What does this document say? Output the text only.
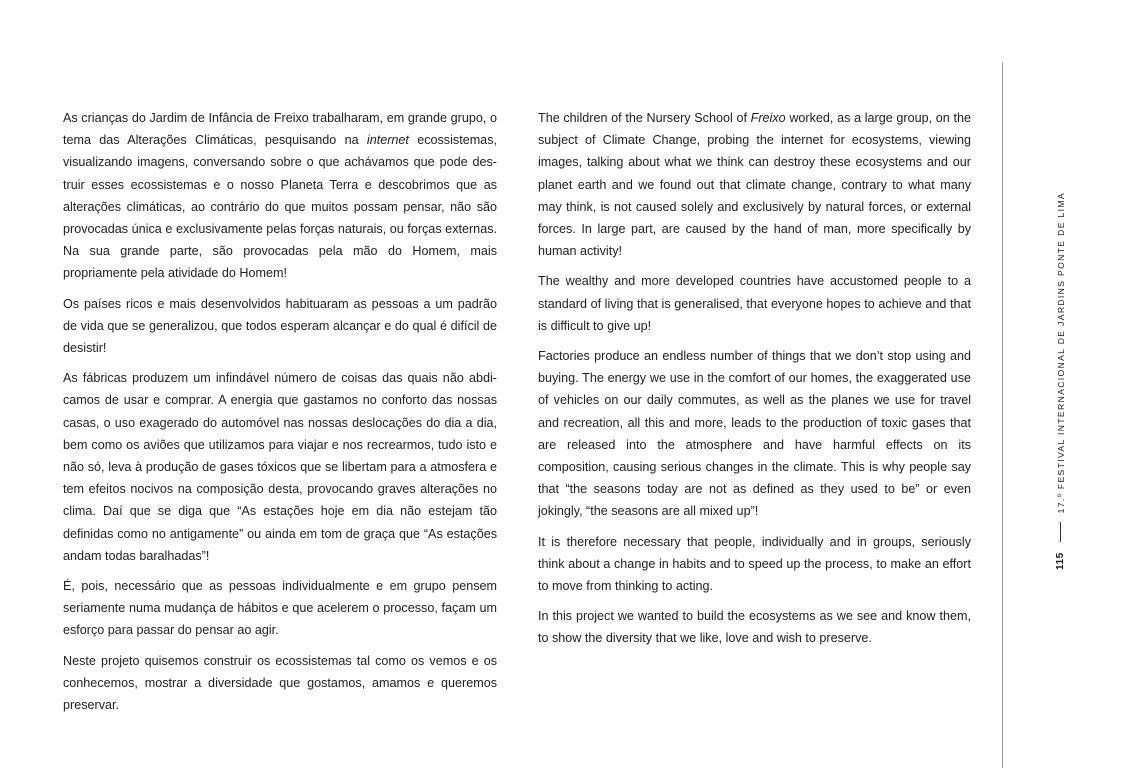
As crianças do Jardim de Infância de Freixo trabalharam, em grande grupo, o tema das Alterações Climáticas, pesquisando na internet ecossistemas, visualizando imagens, conversando sobre o que achávamos que pode destruir esses ecossistemas e o nosso Planeta Terra e descobrimos que as alterações climáticas, ao contrário do que muitos possam pensar, não são provocadas única e exclusivamente pelas forças naturais, ou forças externas. Na sua grande parte, são provocadas pela mão do Homem, mais propriamente pela atividade do Homem!

Os países ricos e mais desenvolvidos habituaram as pessoas a um padrão de vida que se generalizou, que todos esperam alcançar e do qual é difícil de desistir!

As fábricas produzem um infindável número de coisas das quais não abdicamos de usar e comprar. A energia que gastamos no conforto das nossas casas, o uso exagerado do automóvel nas nossas deslocações do dia a dia, bem como os aviões que utilizamos para viajar e nos recrearmos, tudo isto e não só, leva à produção de gases tóxicos que se libertam para a atmosfera e tem efeitos nocivos na composição desta, provocando graves alterações no clima. Daí que se diga que “As estações hoje em dia não estejam tão definidas como no antigamente” ou ainda em tom de graça que “As estações andam todas baralhadas”!

É, pois, necessário que as pessoas individualmente e em grupo pensem seriamente numa mudança de hábitos e que acelerem o processo, façam um esforço para passar do pensar ao agir.

Neste projeto quisemos construir os ecossistemas tal como os vemos e os conhecemos, mostrar a diversidade que gostamos, amamos e queremos preservar.

The children of the Nursery School of Freixo worked, as a large group, on the subject of Climate Change, probing the internet for ecosystems, viewing images, talking about what we think can destroy these ecosystems and our planet earth and we found out that climate change, contrary to what many may think, is not caused solely and exclusively by natural forces, or external forces. In large part, are caused by the hand of man, more specifically by human activity!

The wealthy and more developed countries have accustomed people to a standard of living that is generalised, that everyone hopes to achieve and that is difficult to give up!

Factories produce an endless number of things that we don’t stop using and buying. The energy we use in the comfort of our homes, the exaggerated use of vehicles on our daily commutes, as well as the planes we use for travel and recreation, all this and more, leads to the production of toxic gases that are released into the atmosphere and have harmful effects on its composition, causing serious changes in the climate. This is why people say that “the seasons today are not as defined as they used to be” or even jokingly, “the seasons are all mixed up”!

It is therefore necessary that people, individually and in groups, seriously think about a change in habits and to speed up the process, to make an effort to move from thinking to acting.

In this project we wanted to build the ecosystems as we see and know them, to show the diversity that we like, love and wish to preserve.

115
17.º FESTIVAL INTERNACIONAL DE JARDINS PONTE DE LIMA
